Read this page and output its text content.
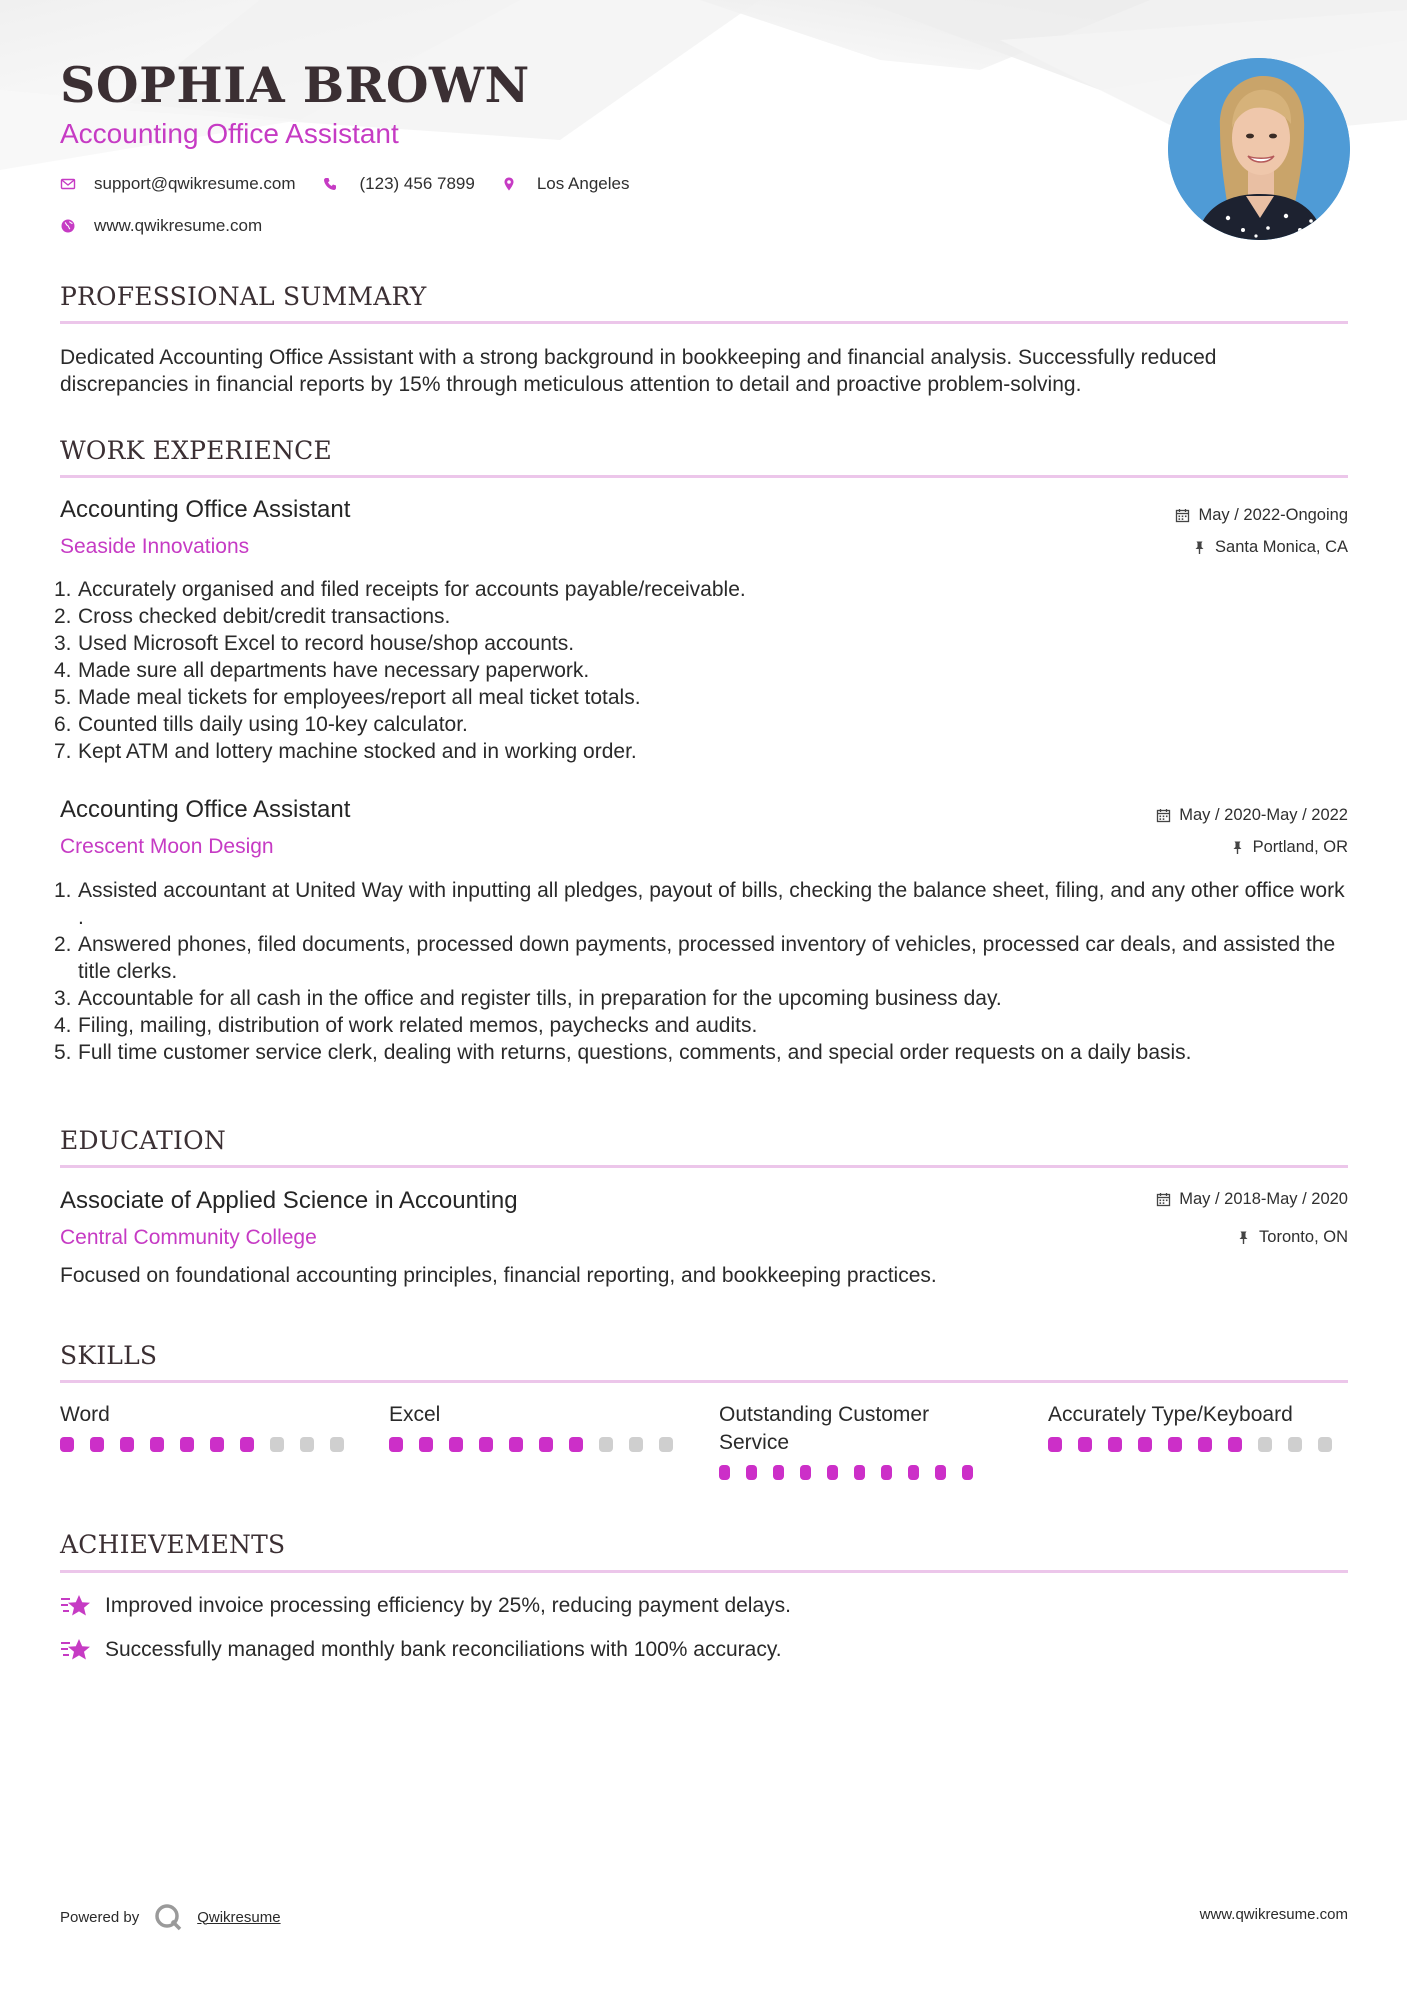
SOPHIA BROWN
Accounting Office Assistant
support@qwikresume.com	(123) 456 7899	Los Angeles
www.qwikresume.com
PROFESSIONAL SUMMARY
Dedicated Accounting Office Assistant with a strong background in bookkeeping and financial analysis. Successfully reduced discrepancies in financial reports by 15% through meticulous attention to detail and proactive problem-solving.
WORK EXPERIENCE
Accounting Office Assistant	May / 2022-Ongoing
Seaside Innovations	Santa Monica, CA
1. Accurately organised and filed receipts for accounts payable/receivable.
2. Cross checked debit/credit transactions.
3. Used Microsoft Excel to record house/shop accounts.
4. Made sure all departments have necessary paperwork.
5. Made meal tickets for employees/report all meal ticket totals.
6. Counted tills daily using 10-key calculator.
7. Kept ATM and lottery machine stocked and in working order.
Accounting Office Assistant	May / 2020-May / 2022
Crescent Moon Design	Portland, OR
1. Assisted accountant at United Way with inputting all pledges, payout of bills, checking the balance sheet, filing, and any other office work .
2. Answered phones, filed documents, processed down payments, processed inventory of vehicles, processed car deals, and assisted the title clerks.
3. Accountable for all cash in the office and register tills, in preparation for the upcoming business day.
4. Filing, mailing, distribution of work related memos, paychecks and audits.
5. Full time customer service clerk, dealing with returns, questions, comments, and special order requests on a daily basis.
EDUCATION
Associate of Applied Science in Accounting	May / 2018-May / 2020
Central Community College	Toronto, ON
Focused on foundational accounting principles, financial reporting, and bookkeeping practices.
SKILLS
Word	Excel	Outstanding Customer Service
Accurately Type/Keyboard
ACHIEVEMENTS
Improved invoice processing efficiency by 25%, reducing payment delays.
Successfully managed monthly bank reconciliations with 100% accuracy.
Powered by	Qwikresume	www.qwikresume.com
